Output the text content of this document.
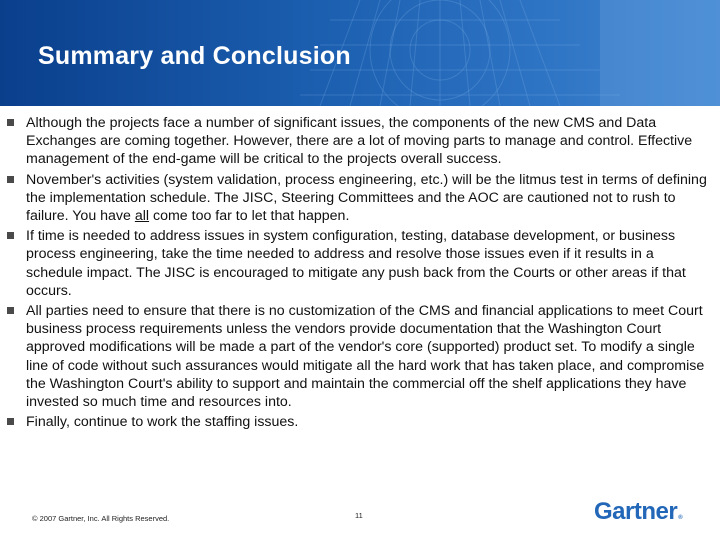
Summary and Conclusion
Although the projects face a number of significant issues, the components of the new CMS and Data Exchanges are coming together. However, there are a lot of moving parts to manage and control. Effective management of the end-game will be critical to the projects overall success.
November's activities (system validation, process engineering, etc.) will be the litmus test in terms of defining the implementation schedule. The JISC, Steering Committees and the AOC are cautioned not to rush to failure. You have all come too far to let that happen.
If time is needed to address issues in system configuration, testing, database development, or business process engineering, take the time needed to address and resolve those issues even if it results in a schedule impact. The JISC is encouraged to mitigate any push back from the Courts or other areas if that occurs.
All parties need to ensure that there is no customization of the CMS and financial applications to meet Court business process requirements unless the vendors provide documentation that the Washington Court approved modifications will be made a part of the vendor's core (supported) product set. To modify a single line of code without such assurances would mitigate all the hard work that has taken place, and compromise the Washington Court's ability to support and maintain the commercial off the shelf applications they have invested so much time and resources into.
Finally, continue to work the staffing issues.
© 2007 Gartner, Inc. All Rights Reserved.	11	Gartner®
